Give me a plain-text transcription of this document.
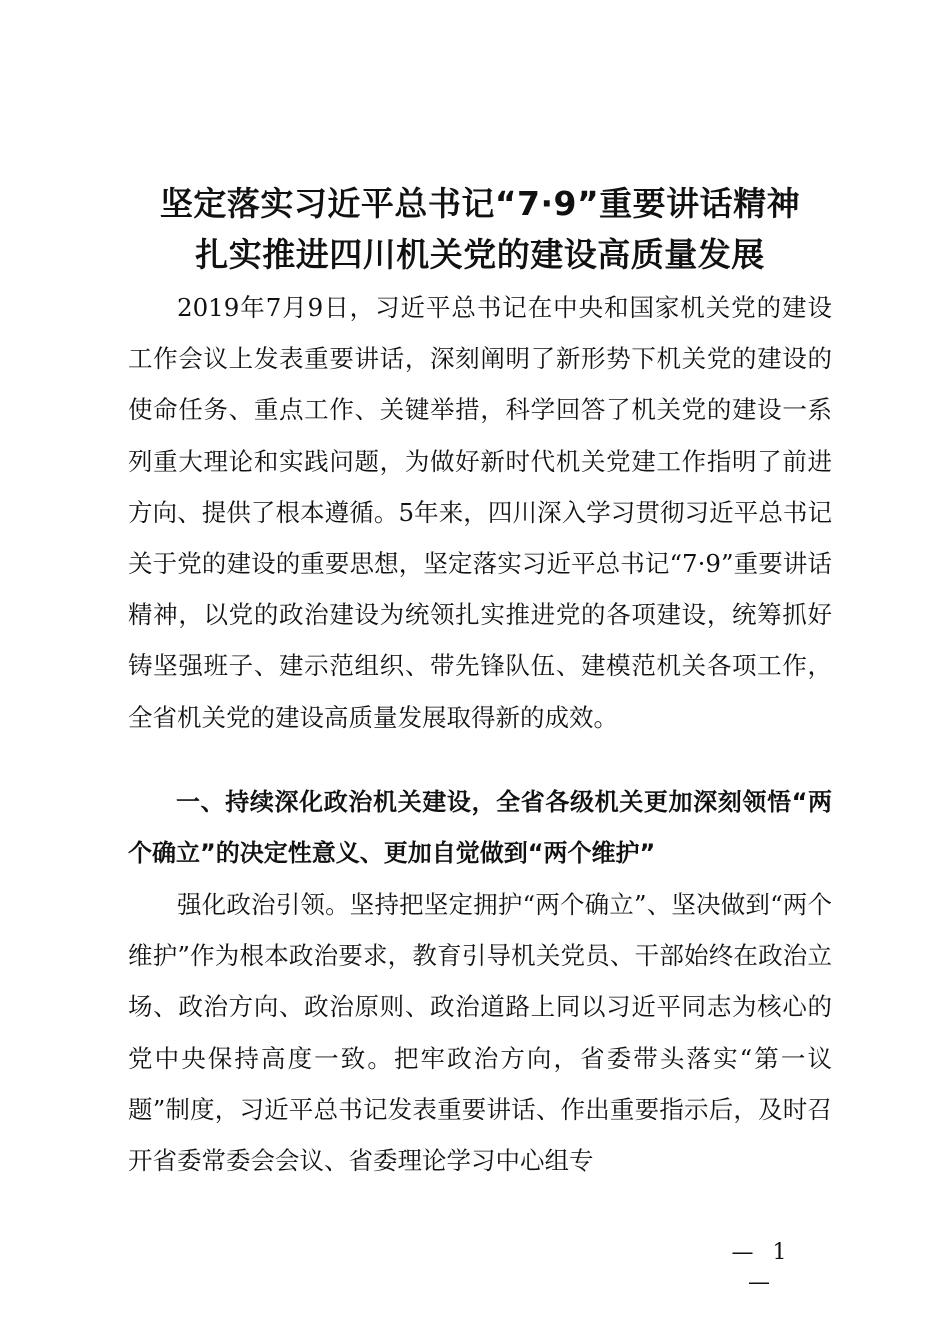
坚定落实习近平总书记“7·9”重要讲话精神
扎实推进四川机关党的建设高质量发展

2019年7月9日，习近平总书记在中央和国家机关党的建设工作会议上发表重要讲话，深刻阐明了新形势下机关党的建设的使命任务、重点工作、关键举措，科学回答了机关党的建设一系列重大理论和实践问题，为做好新时代机关党建工作指明了前进方向、提供了根本遵循。5年来，四川深入学习贯彻习近平总书记关于党的建设的重要思想，坚定落实习近平总书记“7·9”重要讲话精神，以党的政治建设为统领扎实推进党的各项建设，统筹抓好铸坚强班子、建示范组织、带先锋队伍、建模范机关各项工作，全省机关党的建设高质量发展取得新的成效。

一、持续深化政治机关建设，全省各级机关更加深刻领悟“两个确立”的决定性意义、更加自觉做到“两个维护”

强化政治引领。坚持把坚定拥护“两个确立”、坚决做到“两个维护”作为根本政治要求，教育引导机关党员、干部始终在政治立场、政治方向、政治原则、政治道路上同以习近平同志为核心的党中央保持高度一致。把牢政治方向，省委带头落实“第一议题”制度，习近平总书记发表重要讲话、作出重要指示后，及时召开省委常委会会议、省委理论学习中心组专

— 1 —
